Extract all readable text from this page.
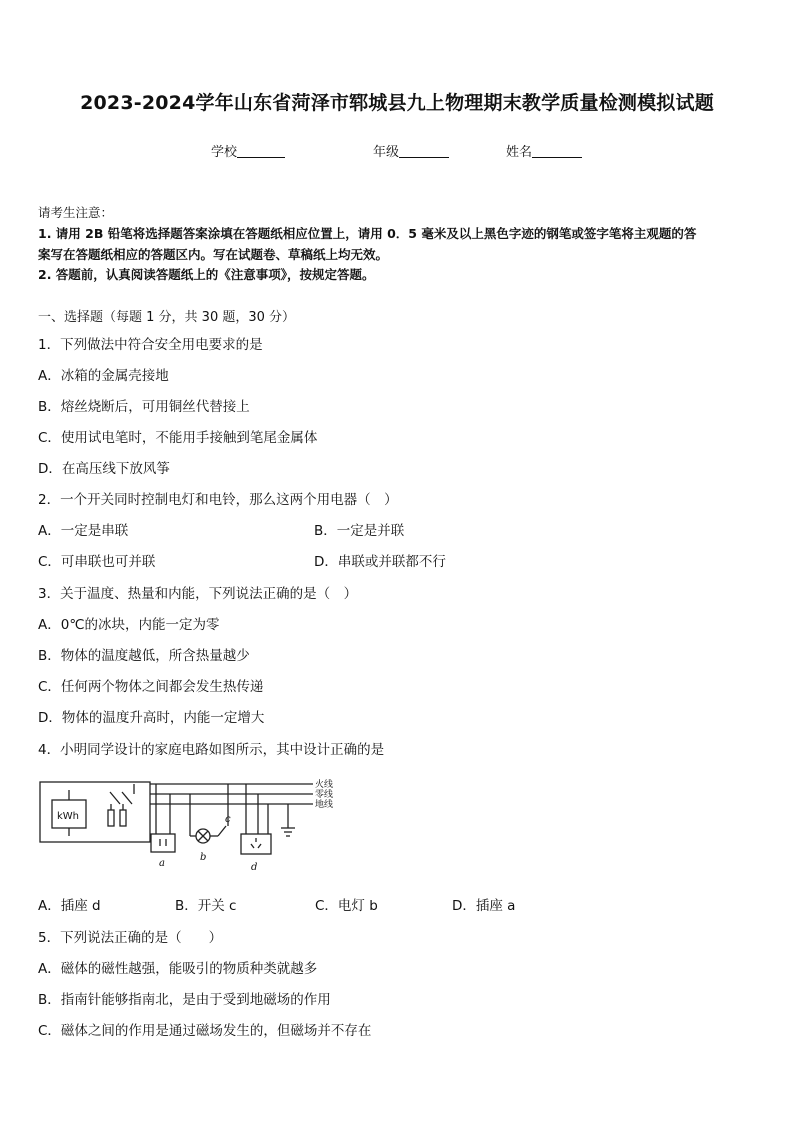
2023-2024学年山东省菏泽市郓城县九上物理期末教学质量检测模拟试题
学校	年级	姓名
请考生注意：
1. 请用 2B 铅笔将选择题答案涂填在答题纸相应位置上，请用 0．5 毫米及以上黑色字迹的钢笔或签字笔将主观题的答
案写在答题纸相应的答题区内。写在试题卷、草稿纸上均无效。
2. 答题前，认真阅读答题纸上的《注意事项》，按规定答题。
一、选择题（每题 1 分，共 30 题，30 分）
1．下列做法中符合安全用电要求的是
A．冰箱的金属壳接地
B．熔丝烧断后，可用铜丝代替接上
C．使用试电笔时，不能用手接触到笔尾金属体
D．在高压线下放风筝
2．一个开关同时控制电灯和电铃，那么这两个用电器（　）
A．一定是串联	B．一定是并联
C．可串联也可并联	D．串联或并联都不行
3．关于温度、热量和内能，下列说法正确的是（　）
A．0℃的冰块，内能一定为零
B．物体的温度越低，所含热量越少
C．任何两个物体之间都会发生热传递
D．物体的温度升高时，内能一定增大
4．小明同学设计的家庭电路如图所示，其中设计正确的是
kWh
火线
零线
地线
a
b
c
d
A．插座 d	B．开关 c	C．电灯 b	D．插座 a
5．下列说法正确的是（　　）
A．磁体的磁性越强，能吸引的物质种类就越多
B．指南针能够指南北，是由于受到地磁场的作用
C．磁体之间的作用是通过磁场发生的，但磁场并不存在
